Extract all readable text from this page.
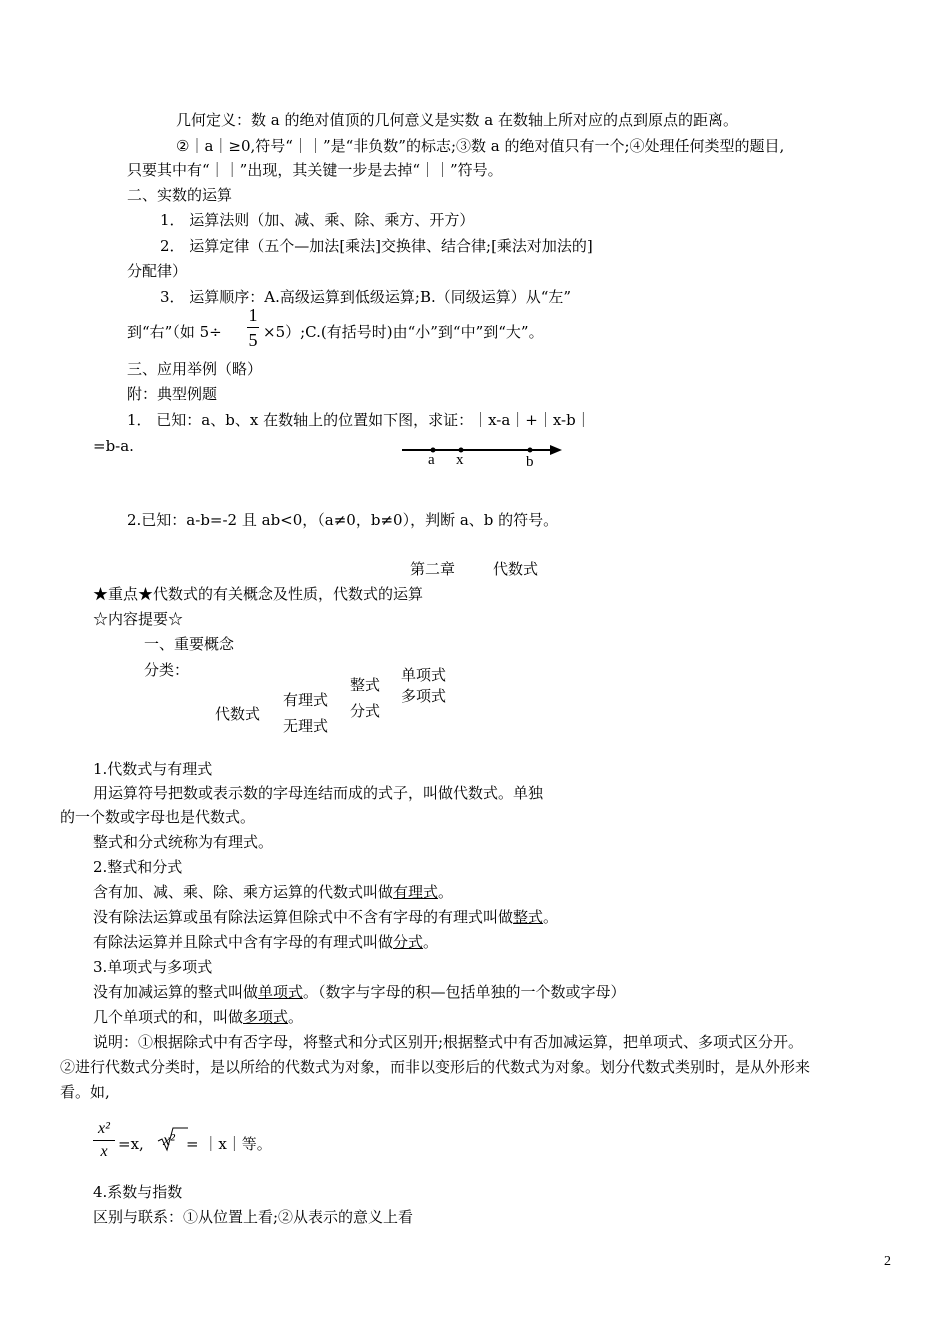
几何定义：数 a 的绝对值顶的几何意义是实数 a 在数轴上所对应的点到原点的距离。
②｜a｜≥0,符号“｜｜”是“非负数”的标志;③数 a 的绝对值只有一个;④处理任何类型的题目,
只要其中有“｜｜”出现，其关键一步是去掉“｜｜”符号。
二、实数的运算
1． 运算法则（加、减、乘、除、乘方、开方）
2． 运算定律（五个—加法[乘法]交换律、结合律;[乘法对加法的]
分配律）
3． 运算顺序：A.高级运算到低级运算;B.（同级运算）从“左”
到“右”（如 5÷
1
5 ×5）;C.(有括号时)由“小”到“中”到“大”。
三、应用举例（略）
附：典型例题
1． 已知：a、b、x 在数轴上的位置如下图，求证：｜x-a｜+｜x-b｜
=b-a.
a x	b
2.已知：a-b=-2 且 ab<0，（a≠0，b≠0），判断 a、b 的符号。
第二章	代数式
★重点★代数式的有关概念及性质，代数式的运算
☆内容提要☆
一、重要概念
分类：
代数式
有理式
无理式
整式
分式
单项式
多项式
1.代数式与有理式
用运算符号把数或表示数的字母连结而成的式子，叫做代数式。单独
的一个数或字母也是代数式。
整式和分式统称为有理式。
2.整式和分式
含有加、减、乘、除、乘方运算的代数式叫做有理式。
没有除法运算或虽有除法运算但除式中不含有字母的有理式叫做整式。
有除法运算并且除式中含有字母的有理式叫做分式。
3.单项式与多项式
没有加减运算的整式叫做单项式。（数字与字母的积—包括单独的一个数或字母）
几个单项式的和，叫做多项式。
说明：①根据除式中有否字母，将整式和分式区别开;根据整式中有否加减运算，把单项式、多项式区分开。
②进行代数式分类时，是以所给的代数式为对象，而非以变形后的代数式为对象。划分代数式类别时，是从外形来
看。如,
x²
x =x, x² = ｜x｜等。
4.系数与指数
区别与联系：①从位置上看;②从表示的意义上看
2
